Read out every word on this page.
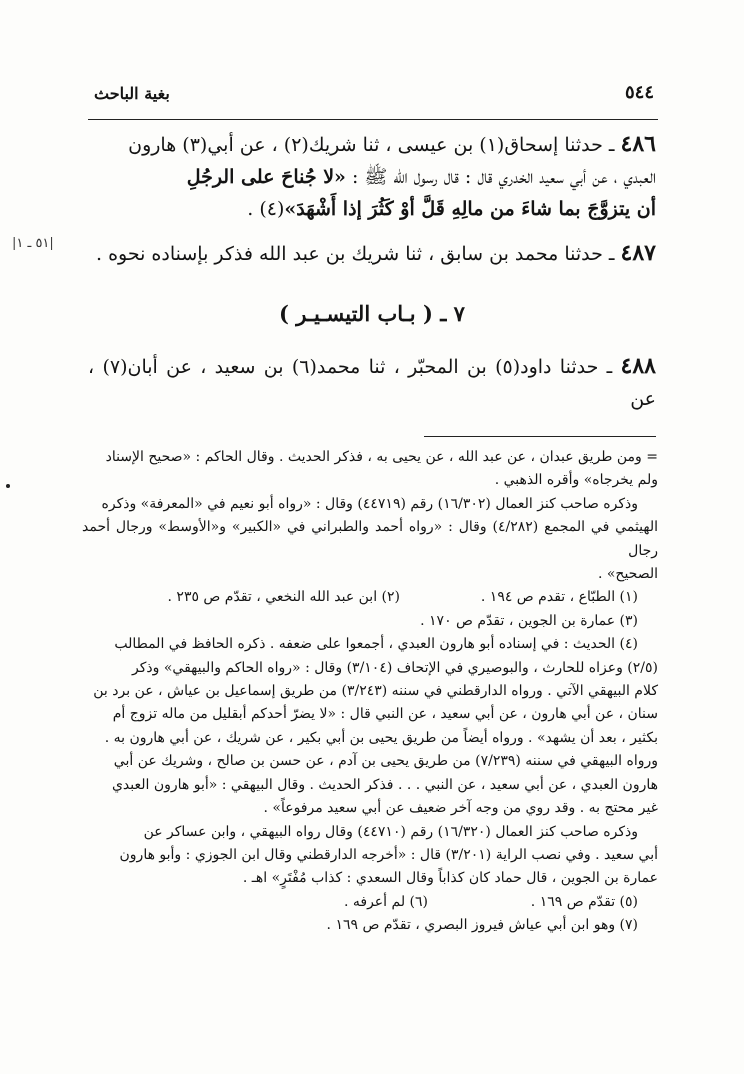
٥٤٤
بغية الباحث
|٥١ ـ ١|

٤٨٦ ـ حدثنا إسحاق(١) بن عيسى ، ثنا شريك(٢) ، عن أبي(٣) هارون
العبدي ، عن أبي سعيد الخدري قال : قال رسول الله ﷺ : «لا جُناحَ على الرجُلِ
أن يتزوَّجَ بما شاءَ من مالِهِ قَلَّ أوْ كَثُرَ إذا أَشْهَدَ»(٤) .

٤٨٧ ـ حدثنا محمد بن سابق ، ثنا شريك بن عبد الله فذكر بإسناده نحوه .

٧ ـ ( بـاب التيسـيـر )

٤٨٨ ـ حدثنا داود(٥) بن المحبّر ، ثنا محمد(٦) بن سعيد ، عن أبان(٧) ، عن

= ومن طريق عبدان ، عن عبد الله ، عن يحيى به ، فذكر الحديث . وقال الحاكم : «صحيح الإسناد

ولم يخرجاه» وأقره الذهبي .

وذكره صاحب كنز العمال (١٦/٣٠٢) رقم (٤٤٧١٩) وقال : «رواه أبو نعيم في «المعرفة» وذكره

الهيثمي في المجمع (٤/٢٨٢) وقال : «رواه أحمد والطبراني في «الكبير» و«الأوسط» ورجال أحمد رجال

الصحيح» .

(١) الطبّاع ، تقدم ص ١٩٤ .
(٢) ابن عبد الله النخعي ، تقدّم ص ٢٣٥ .

(٣) عمارة بن الجوين ، تقدّم ص ١٧٠ .

(٤) الحديث : في إسناده أبو هارون العبدي ، أجمعوا على ضعفه . ذكره الحافظ في المطالب

(٢/٥) وعزاه للحارث ، والبوصيري في الإتحاف (٣/١٠٤) وقال : «رواه الحاكم والبيهقي» وذكر

كلام البيهقي الآتي . ورواه الدارقطني في سننه (٣/٢٤٣) من طريق إسماعيل بن عياش ، عن برد بن

سنان ، عن أبي هارون ، عن أبي سعيد ، عن النبي قال : «لا يضرّ أحدكم أبقليل من ماله تزوج أم

بكثير ، بعد أن يشهد» . ورواه أيضاً من طريق يحيى بن أبي بكير ، عن شريك ، عن أبي هارون به .

ورواه البيهقي في سننه (٧/٢٣٩) من طريق يحيى بن آدم ، عن حسن بن صالح ، وشريك عن أبي

هارون العبدي ، عن أبي سعيد ، عن النبي . . . فذكر الحديث . وقال البيهقي : «أبو هارون العبدي

غير محتج به . وقد روي من وجه آخر ضعيف عن أبي سعيد مرفوعاً» .

وذكره صاحب كنز العمال (١٦/٣٢٠) رقم (٤٤٧١٠) وقال رواه البيهقي ، وابن عساكر عن

أبي سعيد . وفي نصب الراية (٣/٢٠١) قال : «أخرجه الدارقطني وقال ابن الجوزي : وأبو هارون

عمارة بن الجوين ، قال حماد كان كذاباً وقال السعدي : كذاب مُفْتَرٍ» اهـ .

(٥) تقدّم ص ١٦٩ .
(٦) لم أعرفه .

(٧) وهو ابن أبي عياش فيروز البصري ، تقدّم ص ١٦٩ .
